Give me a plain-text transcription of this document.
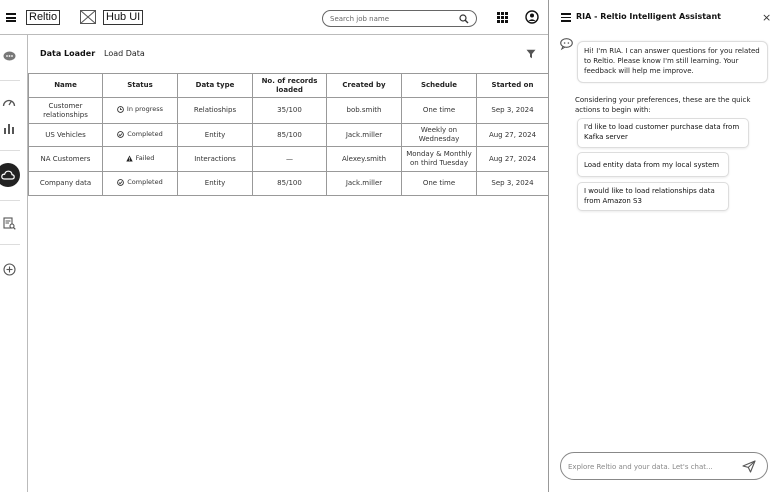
Reltio	Hub UI
Search job name
Data Loader Load Data
Name	Status	Data type	No. of records loaded	Created by	Schedule	Started on
Customer relationships	In progress	Relatioships	35/100	bob.smith	One time	Sep 3, 2024
US Vehicles	Completed	Entity	85/100	Jack.miller	Weekly on Wednesday	Aug 27, 2024
NA Customers	Failed	Interactions	—	Alexey.smith	Monday & Monthly on third Tuesday	Aug 27, 2024
Company data	Completed	Entity	85/100	Jack.miller	One time	Sep 3, 2024
RIA - Reltio Intelligent Assistant	×
Hi! I'm RIA. I can answer questions for you related to Reltio. Please know I'm still learning. Your feedback will help me improve.
Considering your preferences, these are the quick actions to begin with:
I'd like to load customer purchase data from Kafka server
Load entity data from my local system
I would like to load relationships data from Amazon S3
Explore Reltio and your data. Let's chat...
